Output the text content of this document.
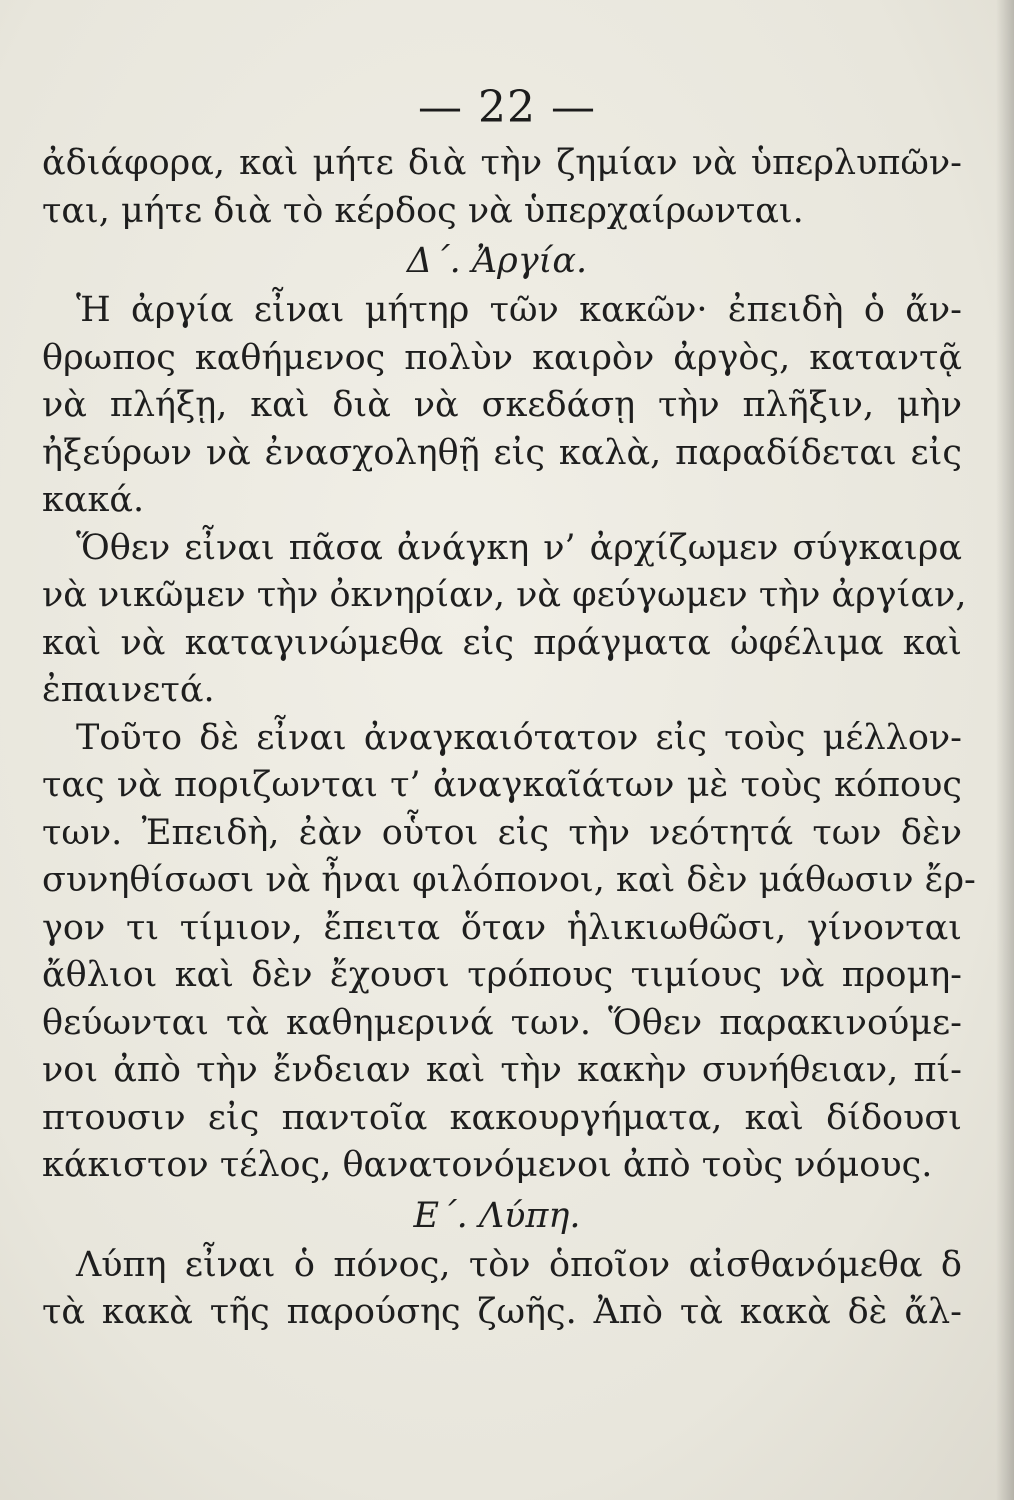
— 22 —
ἀδιάφορα, καὶ μήτε διὰ τὴν ζημίαν νὰ ὑπερλυπῶν-
ται, μήτε διὰ τὸ κέρδος νὰ ὑπερχαίρωνται.
Δ΄. Ἀργία.
Ἡ ἀργία εἶναι μήτηρ τῶν κακῶν· ἐπειδὴ ὁ ἄν-
θρωπος καθήμενος πολὺν καιρὸν ἀργὸς, καταντᾷ
νὰ πλήξῃ, καὶ διὰ νὰ σκεδάσῃ τὴν πλῆξιν, μὴν
ἠξεύρων νὰ ἐνασχοληθῇ εἰς καλὰ, παραδίδεται εἰς
κακά.
Ὅθεν εἶναι πᾶσα ἀνάγκη ν’ ἀρχίζωμεν σύγκαιρα
νὰ νικῶμεν τὴν ὀκνηρίαν, νὰ φεύγωμεν τὴν ἀργίαν,
καὶ νὰ καταγινώμεθα εἰς πράγματα ὠφέλιμα καὶ
ἐπαινετά.
Τοῦτο δὲ εἶναι ἀναγκαιότατον εἰς τοὺς μέλλον-
τας νὰ ποριζωνται τ’ ἀναγκαῖάτων μὲ τοὺς κόπους
των. Ἐπειδὴ, ἐὰν οὗτοι εἰς τὴν νεότητά των δὲν
συνηθίσωσι νὰ ἦναι φιλόπονοι, καὶ δὲν μάθωσιν ἔρ-
γον τι τίμιον, ἔπειτα ὅταν ἡλικιωθῶσι, γίνονται
ἄθλιοι καὶ δὲν ἔχουσι τρόπους τιμίους νὰ προμη-
θεύωνται τὰ καθημερινά των. Ὅθεν παρακινούμε-
νοι ἀπὸ τὴν ἔνδειαν καὶ τὴν κακὴν συνήθειαν, πί-
πτουσιν εἰς παντοῖα κακουργήματα, καὶ δίδουσι
κάκιστον τέλος, θανατονόμενοι ἀπὸ τοὺς νόμους.
Ε΄. Λύπη.
Λύπη εἶναι ὁ πόνος, τὸν ὁποῖον αἰσθανόμεθα δ
τὰ κακὰ τῆς παρούσης ζωῆς. Ἀπὸ τὰ κακὰ δὲ ἄλ-
